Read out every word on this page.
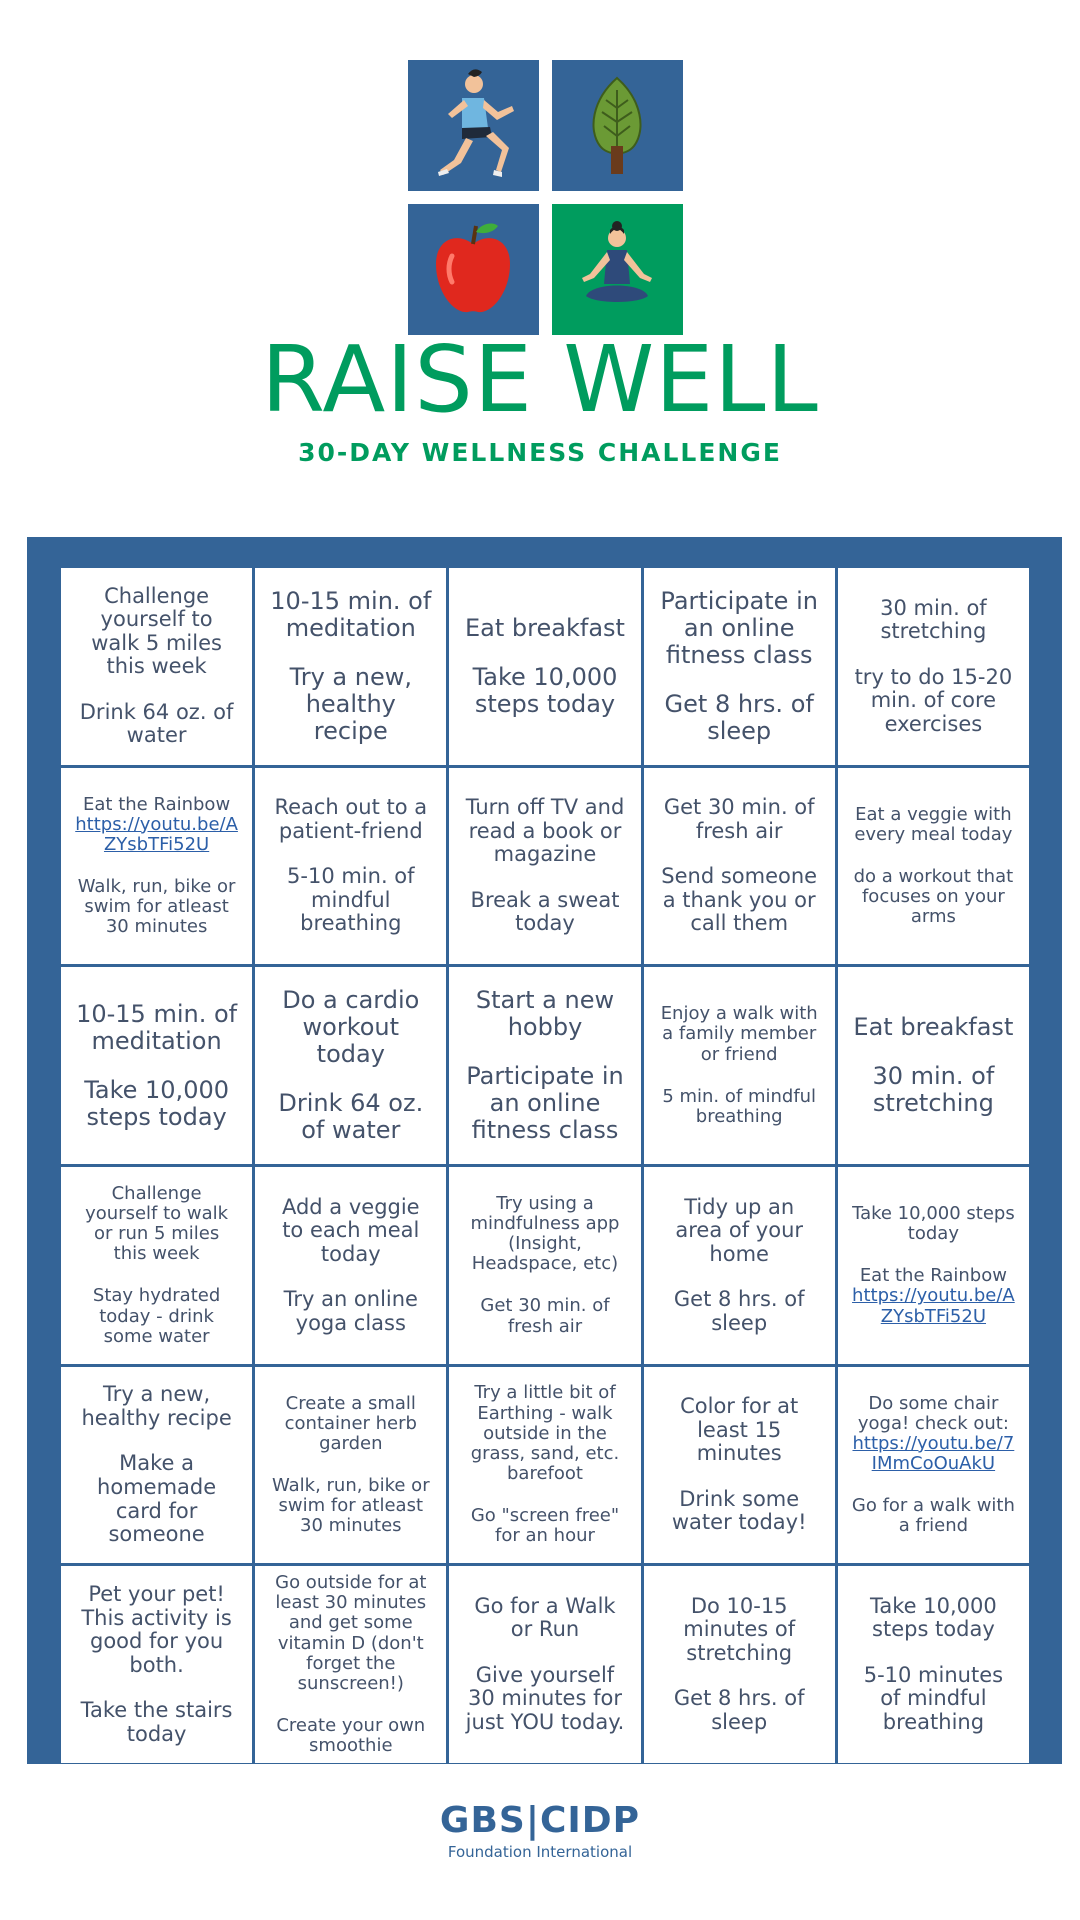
RAISE WELL
30-DAY WELLNESS CHALLENGE
Challenge yourself to walk 5 miles this week
Drink 64 oz. of water
10-15 min. of meditation
Try a new, healthy recipe
Eat breakfast
Take 10,000 steps today
Participate in an online fitness class
Get 8 hrs. of sleep
30 min. of stretching
try to do 15-20 min. of core exercises
Eat the Rainbow
https://youtu.be/AZYsbTFi52U
Walk, run, bike or swim for atleast 30 minutes
Reach out to a patient-friend
5-10 min. of mindful breathing
Turn off TV and read a book or magazine
Break a sweat today
Get 30 min. of fresh air
Send someone a thank you or call them
Eat a veggie with every meal today
do a workout that focuses on your arms
10-15 min. of meditation
Take 10,000 steps today
Do a cardio workout today
Drink 64 oz. of water
Start a new hobby
Participate in an online fitness class
Enjoy a walk with a family member or friend
5 min. of mindful breathing
Eat breakfast
30 min. of stretching
Challenge yourself to walk or run 5 miles this week
Stay hydrated today - drink some water
Add a veggie to each meal today
Try an online yoga class
Try using a mindfulness app (Insight, Headspace, etc)
Get 30 min. of fresh air
Tidy up an area of your home
Get 8 hrs. of sleep
Take 10,000 steps today
Eat the Rainbow
https://youtu.be/AZYsbTFi52U
Try a new, healthy recipe
Make a homemade card for someone
Create a small container herb garden
Walk, run, bike or swim for atleast 30 minutes
Try a little bit of Earthing - walk outside in the grass, sand, etc. barefoot
Go "screen free" for an hour
Color for at least 15 minutes
Drink some water today!
Do some chair yoga! check out:
https://youtu.be/7IMmCoOuAkU
Go for a walk with a friend
Pet your pet! This activity is good for you both.
Take the stairs today
Go outside for at least 30 minutes and get some vitamin D (don't forget the sunscreen!)
Create your own smoothie
Go for a Walk or Run
Give yourself 30 minutes for just YOU today.
Do 10-15 minutes of stretching
Get 8 hrs. of sleep
Take 10,000 steps today
5-10 minutes of mindful breathing
GBS|CIDP
Foundation International
